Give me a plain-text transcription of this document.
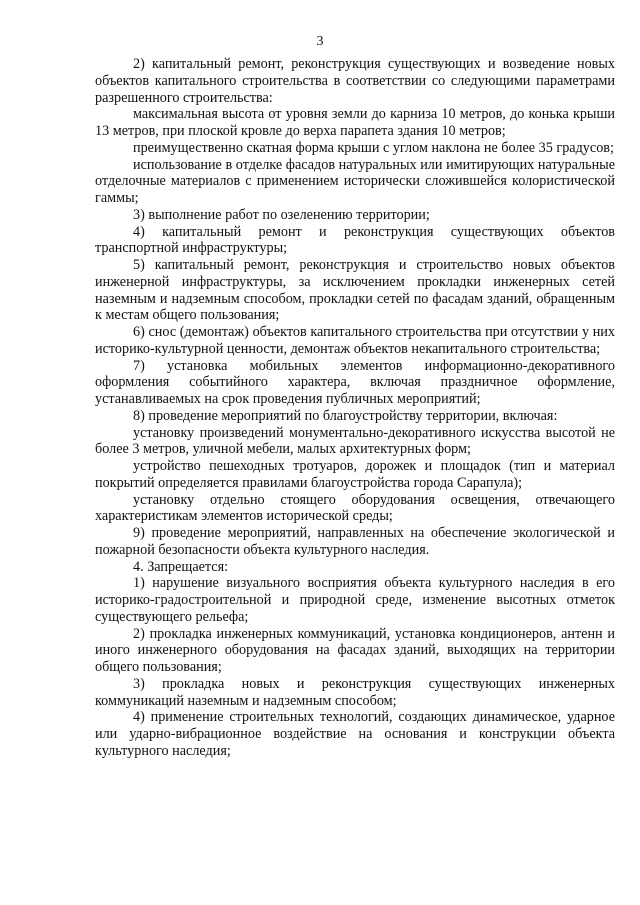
3

2) капитальный ремонт, реконструкция существующих и возведение новых объектов капитального строительства в соответствии со следующими параметрами разрешенного строительства:

максимальная высота от уровня земли до карниза 10 метров, до конька крыши 13 метров, при плоской кровле до верха парапета здания 10 метров;

преимущественно скатная форма крыши с углом наклона не более 35 градусов;

использование в отделке фасадов натуральных или имитирующих натуральные отделочные материалов с применением исторически сложившейся колористической гаммы;

3) выполнение работ по озеленению территории;

4) капитальный ремонт и реконструкция существующих объектов транспортной инфраструктуры;

5) капитальный ремонт, реконструкция и строительство новых объектов инженерной инфраструктуры, за исключением прокладки инженерных сетей наземным и надземным способом, прокладки сетей по фасадам зданий, обращенным к местам общего пользования;

6) снос (демонтаж) объектов капитального строительства при отсутствии у них историко-культурной ценности, демонтаж объектов некапитального строительства;

7) установка мобильных элементов информационно-декоративного оформления событийного характера, включая праздничное оформление, устанавливаемых на срок проведения публичных мероприятий;

8) проведение мероприятий по благоустройству территории, включая:

установку произведений монументально-декоративного искусства высотой не более 3 метров, уличной мебели, малых архитектурных форм;

устройство пешеходных тротуаров, дорожек и площадок (тип и материал покрытий определяется правилами благоустройства города Сарапула);

установку отдельно стоящего оборудования освещения, отвечающего характеристикам элементов исторической среды;

9) проведение мероприятий, направленных на обеспечение экологической и пожарной безопасности объекта культурного наследия.

4. Запрещается:

1) нарушение визуального восприятия объекта культурного наследия в его историко-градостроительной и природной среде, изменение высотных отметок существующего рельефа;

2) прокладка инженерных коммуникаций, установка кондиционеров, антенн и иного инженерного оборудования на фасадах зданий, выходящих на территории общего пользования;

3) прокладка новых и реконструкция существующих инженерных коммуникаций наземным и надземным способом;

4) применение строительных технологий, создающих динамическое, ударное или ударно-вибрационное воздействие на основания и конструкции объекта культурного наследия;
